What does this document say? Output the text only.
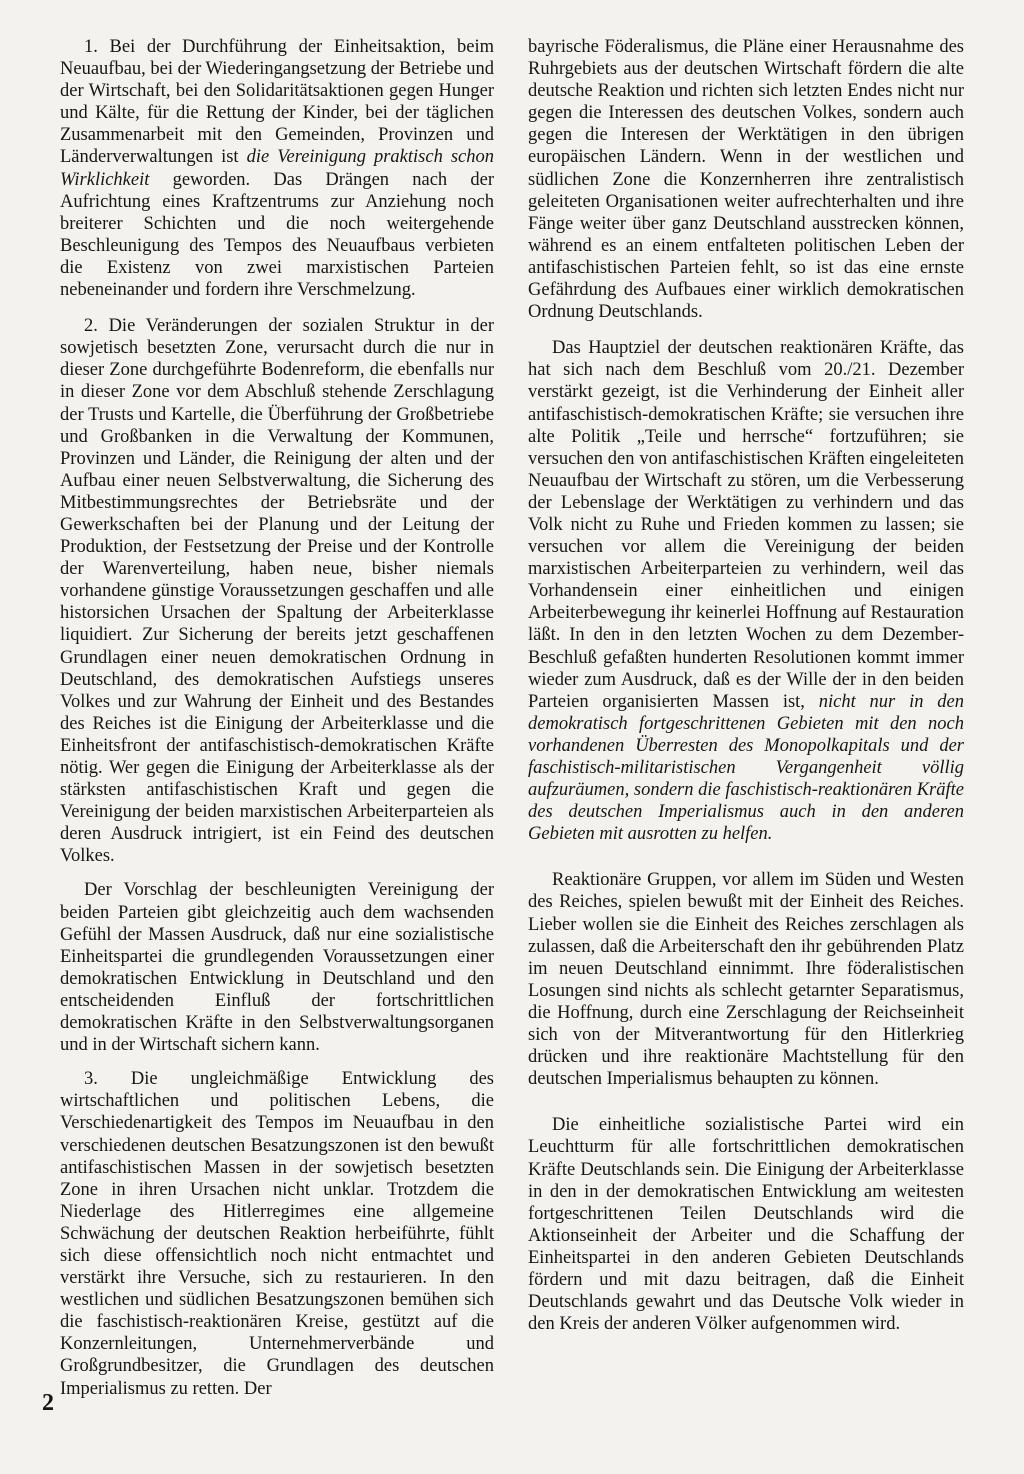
1. Bei der Durchführung der Einheitsaktion, beim Neuaufbau, bei der Wiederingangsetzung der Betriebe und der Wirtschaft, bei den Solidaritätsaktionen gegen Hunger und Kälte, für die Rettung der Kinder, bei der täglichen Zusammenarbeit mit den Gemeinden, Provinzen und Länderverwaltungen ist die Vereinigung praktisch schon Wirklichkeit geworden. Das Drängen nach der Aufrichtung eines Kraftzentrums zur Anziehung noch breiterer Schichten und die noch weitergehende Beschleunigung des Tempos des Neuaufbaus verbieten die Existenz von zwei marxistischen Parteien nebeneinander und fordern ihre Verschmelzung.

2. Die Veränderungen der sozialen Struktur in der sowjetisch besetzten Zone, verursacht durch die nur in dieser Zone durchgeführte Bodenreform, die ebenfalls nur in dieser Zone vor dem Abschluß stehende Zerschlagung der Trusts und Kartelle, die Überführung der Großbetriebe und Großbanken in die Verwaltung der Kommunen, Provinzen und Länder, die Reinigung der alten und der Aufbau einer neuen Selbstverwaltung, die Sicherung des Mitbestimmungsrechtes der Betriebsräte und der Gewerkschaften bei der Planung und der Leitung der Produktion, der Festsetzung der Preise und der Kontrolle der Warenverteilung, haben neue, bisher niemals vorhandene günstige Voraussetzungen geschaffen und alle historsichen Ursachen der Spaltung der Arbeiterklasse liquidiert. Zur Sicherung der bereits jetzt geschaffenen Grundlagen einer neuen demokratischen Ordnung in Deutschland, des demokratischen Aufstiegs unseres Volkes und zur Wahrung der Einheit und des Bestandes des Reiches ist die Einigung der Arbeiterklasse und die Einheitsfront der antifaschistisch-demokratischen Kräfte nötig. Wer gegen die Einigung der Arbeiterklasse als der stärksten antifaschistischen Kraft und gegen die Vereinigung der beiden marxistischen Arbeiterparteien als deren Ausdruck intrigiert, ist ein Feind des deutschen Volkes.

Der Vorschlag der beschleunigten Vereinigung der beiden Parteien gibt gleichzeitig auch dem wachsenden Gefühl der Massen Ausdruck, daß nur eine sozialistische Einheitspartei die grundlegenden Voraussetzungen einer demokratischen Entwicklung in Deutschland und den entscheidenden Einfluß der fortschrittlichen demokratischen Kräfte in den Selbstverwaltungsorganen und in der Wirtschaft sichern kann.

3. Die ungleichmäßige Entwicklung des wirtschaftlichen und politischen Lebens, die Verschiedenartigkeit des Tempos im Neuaufbau in den verschiedenen deutschen Besatzungszonen ist den bewußt antifaschistischen Massen in der sowjetisch besetzten Zone in ihren Ursachen nicht unklar. Trotzdem die Niederlage des Hitlerregimes eine allgemeine Schwächung der deutschen Reaktion herbeiführte, fühlt sich diese offensichtlich noch nicht entmachtet und verstärkt ihre Versuche, sich zu restaurieren. In den westlichen und südlichen Besatzungszonen bemühen sich die faschistisch-reaktionären Kreise, gestützt auf die Konzernleitungen, Unternehmerverbände und Großgrundbesitzer, die Grundlagen des deutschen Imperialismus zu retten. Der

bayrische Föderalismus, die Pläne einer Herausnahme des Ruhrgebiets aus der deutschen Wirtschaft fördern die alte deutsche Reaktion und richten sich letzten Endes nicht nur gegen die Interessen des deutschen Volkes, sondern auch gegen die Interesen der Werktätigen in den übrigen europäischen Ländern. Wenn in der westlichen und südlichen Zone die Konzernherren ihre zentralistisch geleiteten Organisationen weiter aufrechterhalten und ihre Fänge weiter über ganz Deutschland ausstrecken können, während es an einem entfalteten politischen Leben der antifaschistischen Parteien fehlt, so ist das eine ernste Gefährdung des Aufbaues einer wirklich demokratischen Ordnung Deutschlands.

Das Hauptziel der deutschen reaktionären Kräfte, das hat sich nach dem Beschluß vom 20./21. Dezember verstärkt gezeigt, ist die Verhinderung der Einheit aller antifaschistisch-demokratischen Kräfte; sie versuchen ihre alte Politik „Teile und herrsche“ fortzuführen; sie versuchen den von antifaschistischen Kräften eingeleiteten Neuaufbau der Wirtschaft zu stören, um die Verbesserung der Lebenslage der Werktätigen zu verhindern und das Volk nicht zu Ruhe und Frieden kommen zu lassen; sie versuchen vor allem die Vereinigung der beiden marxistischen Arbeiterparteien zu verhindern, weil das Vorhandensein einer einheitlichen und einigen Arbeiterbewegung ihr keinerlei Hoffnung auf Restauration läßt. In den in den letzten Wochen zu dem Dezember-Beschluß gefaßten hunderten Resolutionen kommt immer wieder zum Ausdruck, daß es der Wille der in den beiden Parteien organisierten Massen ist, nicht nur in den demokratisch fortgeschrittenen Gebieten mit den noch vorhandenen Überresten des Monopolkapitals und der faschistisch-militaristischen Vergangenheit völlig aufzuräumen, sondern die faschistisch-reaktionären Kräfte des deutschen Imperialismus auch in den anderen Gebieten mit ausrotten zu helfen.

Reaktionäre Gruppen, vor allem im Süden und Westen des Reiches, spielen bewußt mit der Einheit des Reiches. Lieber wollen sie die Einheit des Reiches zerschlagen als zulassen, daß die Arbeiterschaft den ihr gebührenden Platz im neuen Deutschland einnimmt. Ihre föderalistischen Losungen sind nichts als schlecht getarnter Separatismus, die Hoffnung, durch eine Zerschlagung der Reichseinheit sich von der Mitverantwortung für den Hitlerkrieg drücken und ihre reaktionäre Machtstellung für den deutschen Imperialismus behaupten zu können.

Die einheitliche sozialistische Partei wird ein Leuchtturm für alle fortschrittlichen demokratischen Kräfte Deutschlands sein. Die Einigung der Arbeiterklasse in den in der demokratischen Entwicklung am weitesten fortgeschrittenen Teilen Deutschlands wird die Aktionseinheit der Arbeiter und die Schaffung der Einheitspartei in den anderen Gebieten Deutschlands fördern und mit dazu beitragen, daß die Einheit Deutschlands gewahrt und das Deutsche Volk wieder in den Kreis der anderen Völker aufgenommen wird.

2
